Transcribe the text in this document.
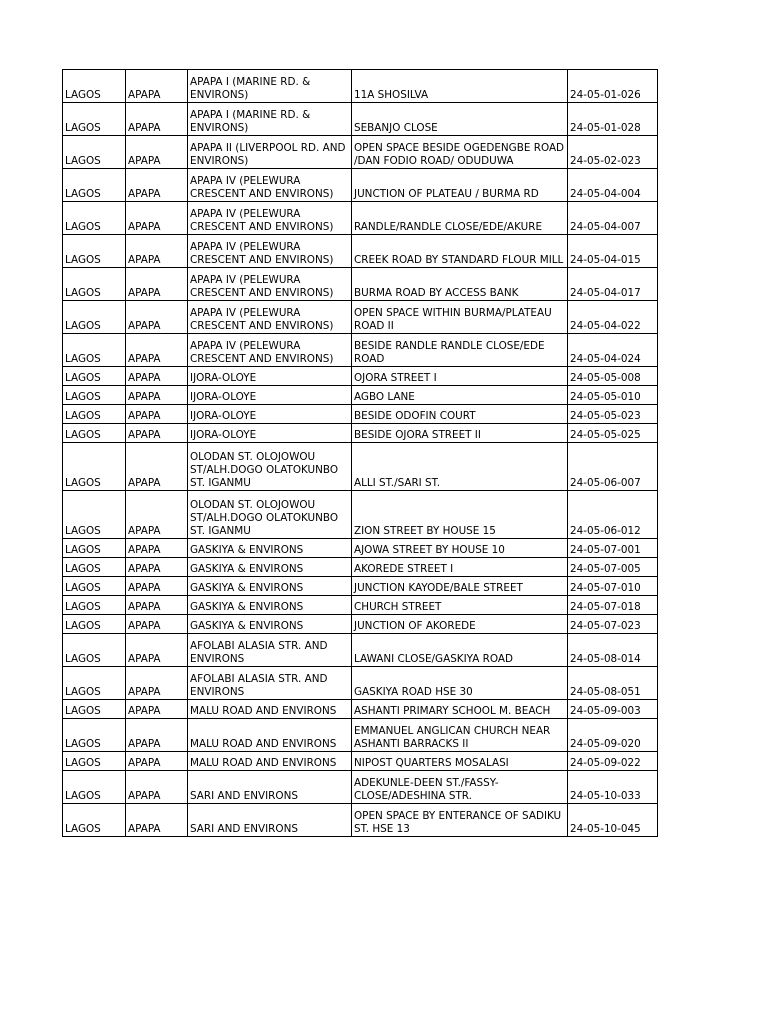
LAGOS	APAPA	APAPA I (MARINE RD. & ENVIRONS)	11A SHOSILVA	24-05-01-026
LAGOS	APAPA	APAPA I (MARINE RD. & ENVIRONS)	SEBANJO CLOSE	24-05-01-028
LAGOS	APAPA	APAPA II (LIVERPOOL RD. AND ENVIRONS)	OPEN SPACE BESIDE OGEDENGBE ROAD /DAN FODIO ROAD/ ODUDUWA	24-05-02-023
LAGOS	APAPA	APAPA IV (PELEWURA CRESCENT AND ENVIRONS)	JUNCTION OF PLATEAU / BURMA RD	24-05-04-004
LAGOS	APAPA	APAPA IV (PELEWURA CRESCENT AND ENVIRONS)	RANDLE/RANDLE CLOSE/EDE/AKURE	24-05-04-007
LAGOS	APAPA	APAPA IV (PELEWURA CRESCENT AND ENVIRONS)	CREEK ROAD BY STANDARD FLOUR MILL	24-05-04-015
LAGOS	APAPA	APAPA IV (PELEWURA CRESCENT AND ENVIRONS)	BURMA ROAD BY ACCESS BANK	24-05-04-017
LAGOS	APAPA	APAPA IV (PELEWURA CRESCENT AND ENVIRONS)	OPEN SPACE WITHIN BURMA/PLATEAU ROAD II	24-05-04-022
LAGOS	APAPA	APAPA IV (PELEWURA CRESCENT AND ENVIRONS)	BESIDE RANDLE RANDLE CLOSE/EDE ROAD	24-05-04-024
LAGOS	APAPA	IJORA-OLOYE	OJORA STREET I	24-05-05-008
LAGOS	APAPA	IJORA-OLOYE	AGBO LANE	24-05-05-010
LAGOS	APAPA	IJORA-OLOYE	BESIDE ODOFIN COURT	24-05-05-023
LAGOS	APAPA	IJORA-OLOYE	BESIDE OJORA STREET II	24-05-05-025
LAGOS	APAPA	OLODAN ST. OLOJOWOU ST/ALH.DOGO OLATOKUNBO ST. IGANMU	ALLI ST./SARI ST.	24-05-06-007
LAGOS	APAPA	OLODAN ST. OLOJOWOU ST/ALH.DOGO OLATOKUNBO ST. IGANMU	ZION STREET BY HOUSE 15	24-05-06-012
LAGOS	APAPA	GASKIYA & ENVIRONS	AJOWA STREET BY HOUSE 10	24-05-07-001
LAGOS	APAPA	GASKIYA & ENVIRONS	AKOREDE STREET I	24-05-07-005
LAGOS	APAPA	GASKIYA & ENVIRONS	JUNCTION KAYODE/BALE STREET	24-05-07-010
LAGOS	APAPA	GASKIYA & ENVIRONS	CHURCH STREET	24-05-07-018
LAGOS	APAPA	GASKIYA & ENVIRONS	JUNCTION OF AKOREDE	24-05-07-023
LAGOS	APAPA	AFOLABI ALASIA STR. AND ENVIRONS	LAWANI CLOSE/GASKIYA ROAD	24-05-08-014
LAGOS	APAPA	AFOLABI ALASIA STR. AND ENVIRONS	GASKIYA ROAD HSE 30	24-05-08-051
LAGOS	APAPA	MALU ROAD AND ENVIRONS	ASHANTI PRIMARY SCHOOL M. BEACH	24-05-09-003
LAGOS	APAPA	MALU ROAD AND ENVIRONS	EMMANUEL ANGLICAN CHURCH NEAR ASHANTI BARRACKS II	24-05-09-020
LAGOS	APAPA	MALU ROAD AND ENVIRONS	NIPOST QUARTERS MOSALASI	24-05-09-022
LAGOS	APAPA	SARI AND ENVIRONS	ADEKUNLE-DEEN ST./FASSY-CLOSE/ADESHINA STR.	24-05-10-033
LAGOS	APAPA	SARI AND ENVIRONS	OPEN SPACE BY ENTERANCE OF SADIKU ST. HSE 13	24-05-10-045
